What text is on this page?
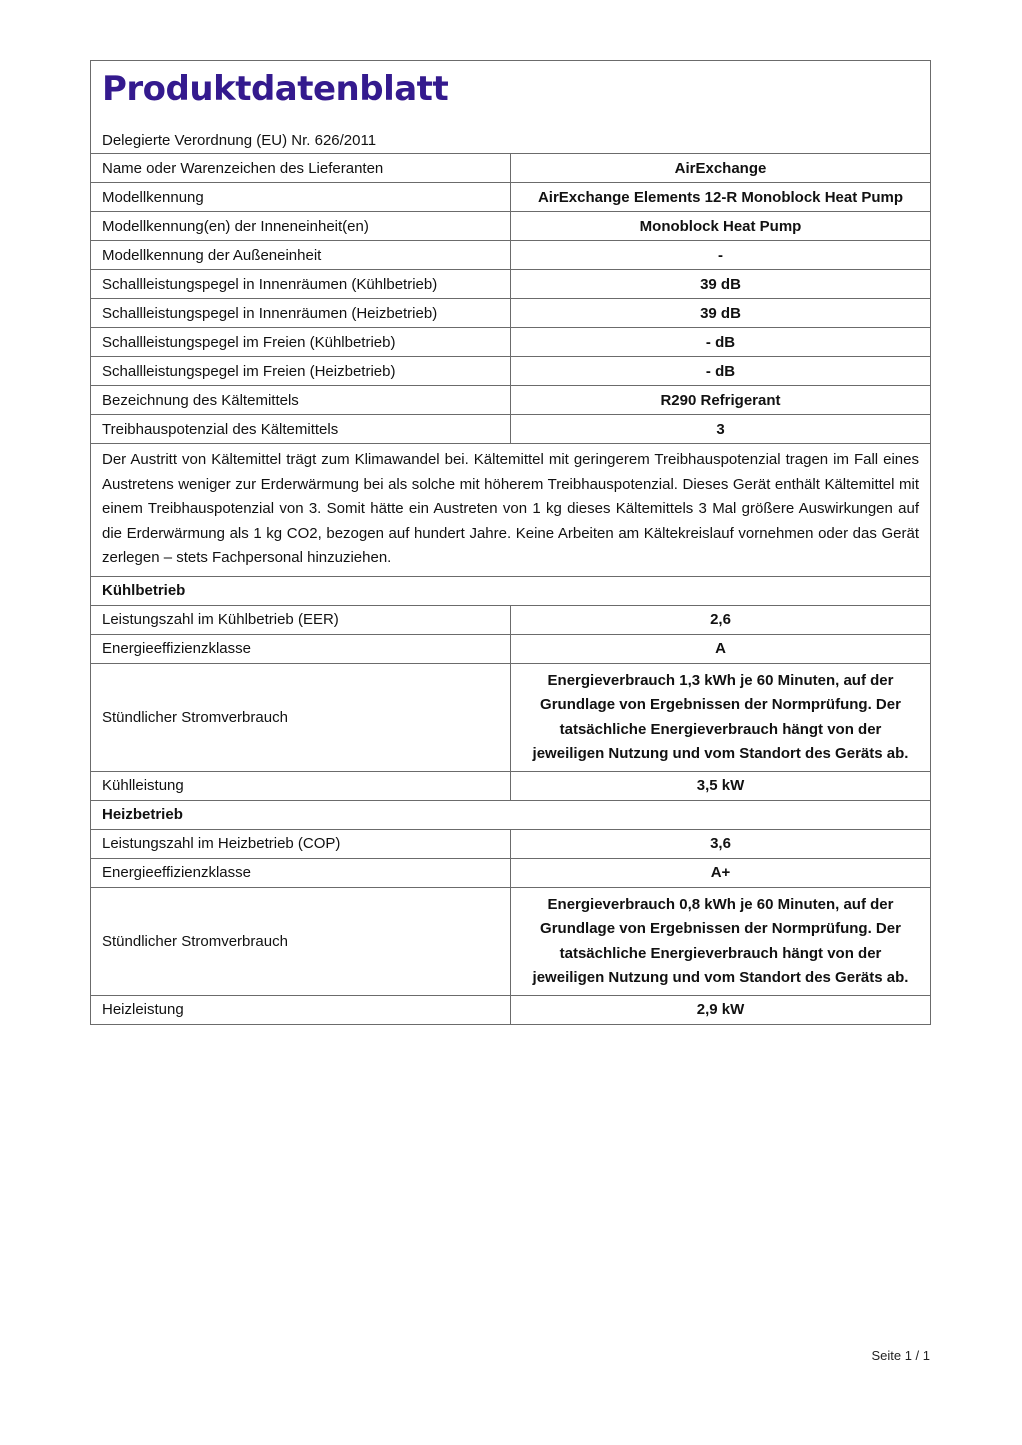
Produktdatenblatt
Delegierte Verordnung (EU) Nr. 626/2011	

Name oder Warenzeichen des Lieferanten	AirExchange
Modellkennung	AirExchange Elements 12-R Monoblock Heat Pump
Modellkennung(en) der Inneneinheit(en)	Monoblock Heat Pump
Modellkennung der Außeneinheit	-
Schallleistungspegel in Innenräumen (Kühlbetrieb)	39 dB
Schallleistungspegel in Innenräumen (Heizbetrieb)	39 dB
Schallleistungspegel im Freien (Kühlbetrieb)	- dB
Schallleistungspegel im Freien (Heizbetrieb)	- dB
Bezeichnung des Kältemittels	R290 Refrigerant
Treibhauspotenzial des Kältemittels	3
Der Austritt von Kältemittel trägt zum Klimawandel bei. Kältemittel mit geringerem Treibhauspotenzial tragen im Fall eines Austretens weniger zur Erderwärmung bei als solche mit höherem Treibhauspotenzial. Dieses Gerät enthält Kältemittel mit einem Treibhauspotenzial von 3. Somit hätte ein Austreten von 1 kg dieses Kältemittels 3 Mal größere Auswirkungen auf die Erderwärmung als 1 kg CO2, bezogen auf hundert Jahre. Keine Arbeiten am Kältekreislauf vornehmen oder das Gerät zerlegen – stets Fachpersonal hinzuziehen.	
Kühlbetrieb	
Leistungszahl im Kühlbetrieb (EER)	2,6
Energieeffizienzklasse	A
Stündlicher Stromverbrauch	Energieverbrauch 1,3 kWh je 60 Minuten, auf der Grundlage von Ergebnissen der Normprüfung. Der tatsächliche Energieverbrauch hängt von der jeweiligen Nutzung und vom Standort des Geräts ab.
Kühlleistung	3,5 kW
Heizbetrieb	
Leistungszahl im Heizbetrieb (COP)	3,6
Energieeffizienzklasse	A+
Stündlicher Stromverbrauch	Energieverbrauch 0,8 kWh je 60 Minuten, auf der Grundlage von Ergebnissen der Normprüfung. Der tatsächliche Energieverbrauch hängt von der jeweiligen Nutzung und vom Standort des Geräts ab.
Heizleistung	2,9 kW
Seite 1 / 1
